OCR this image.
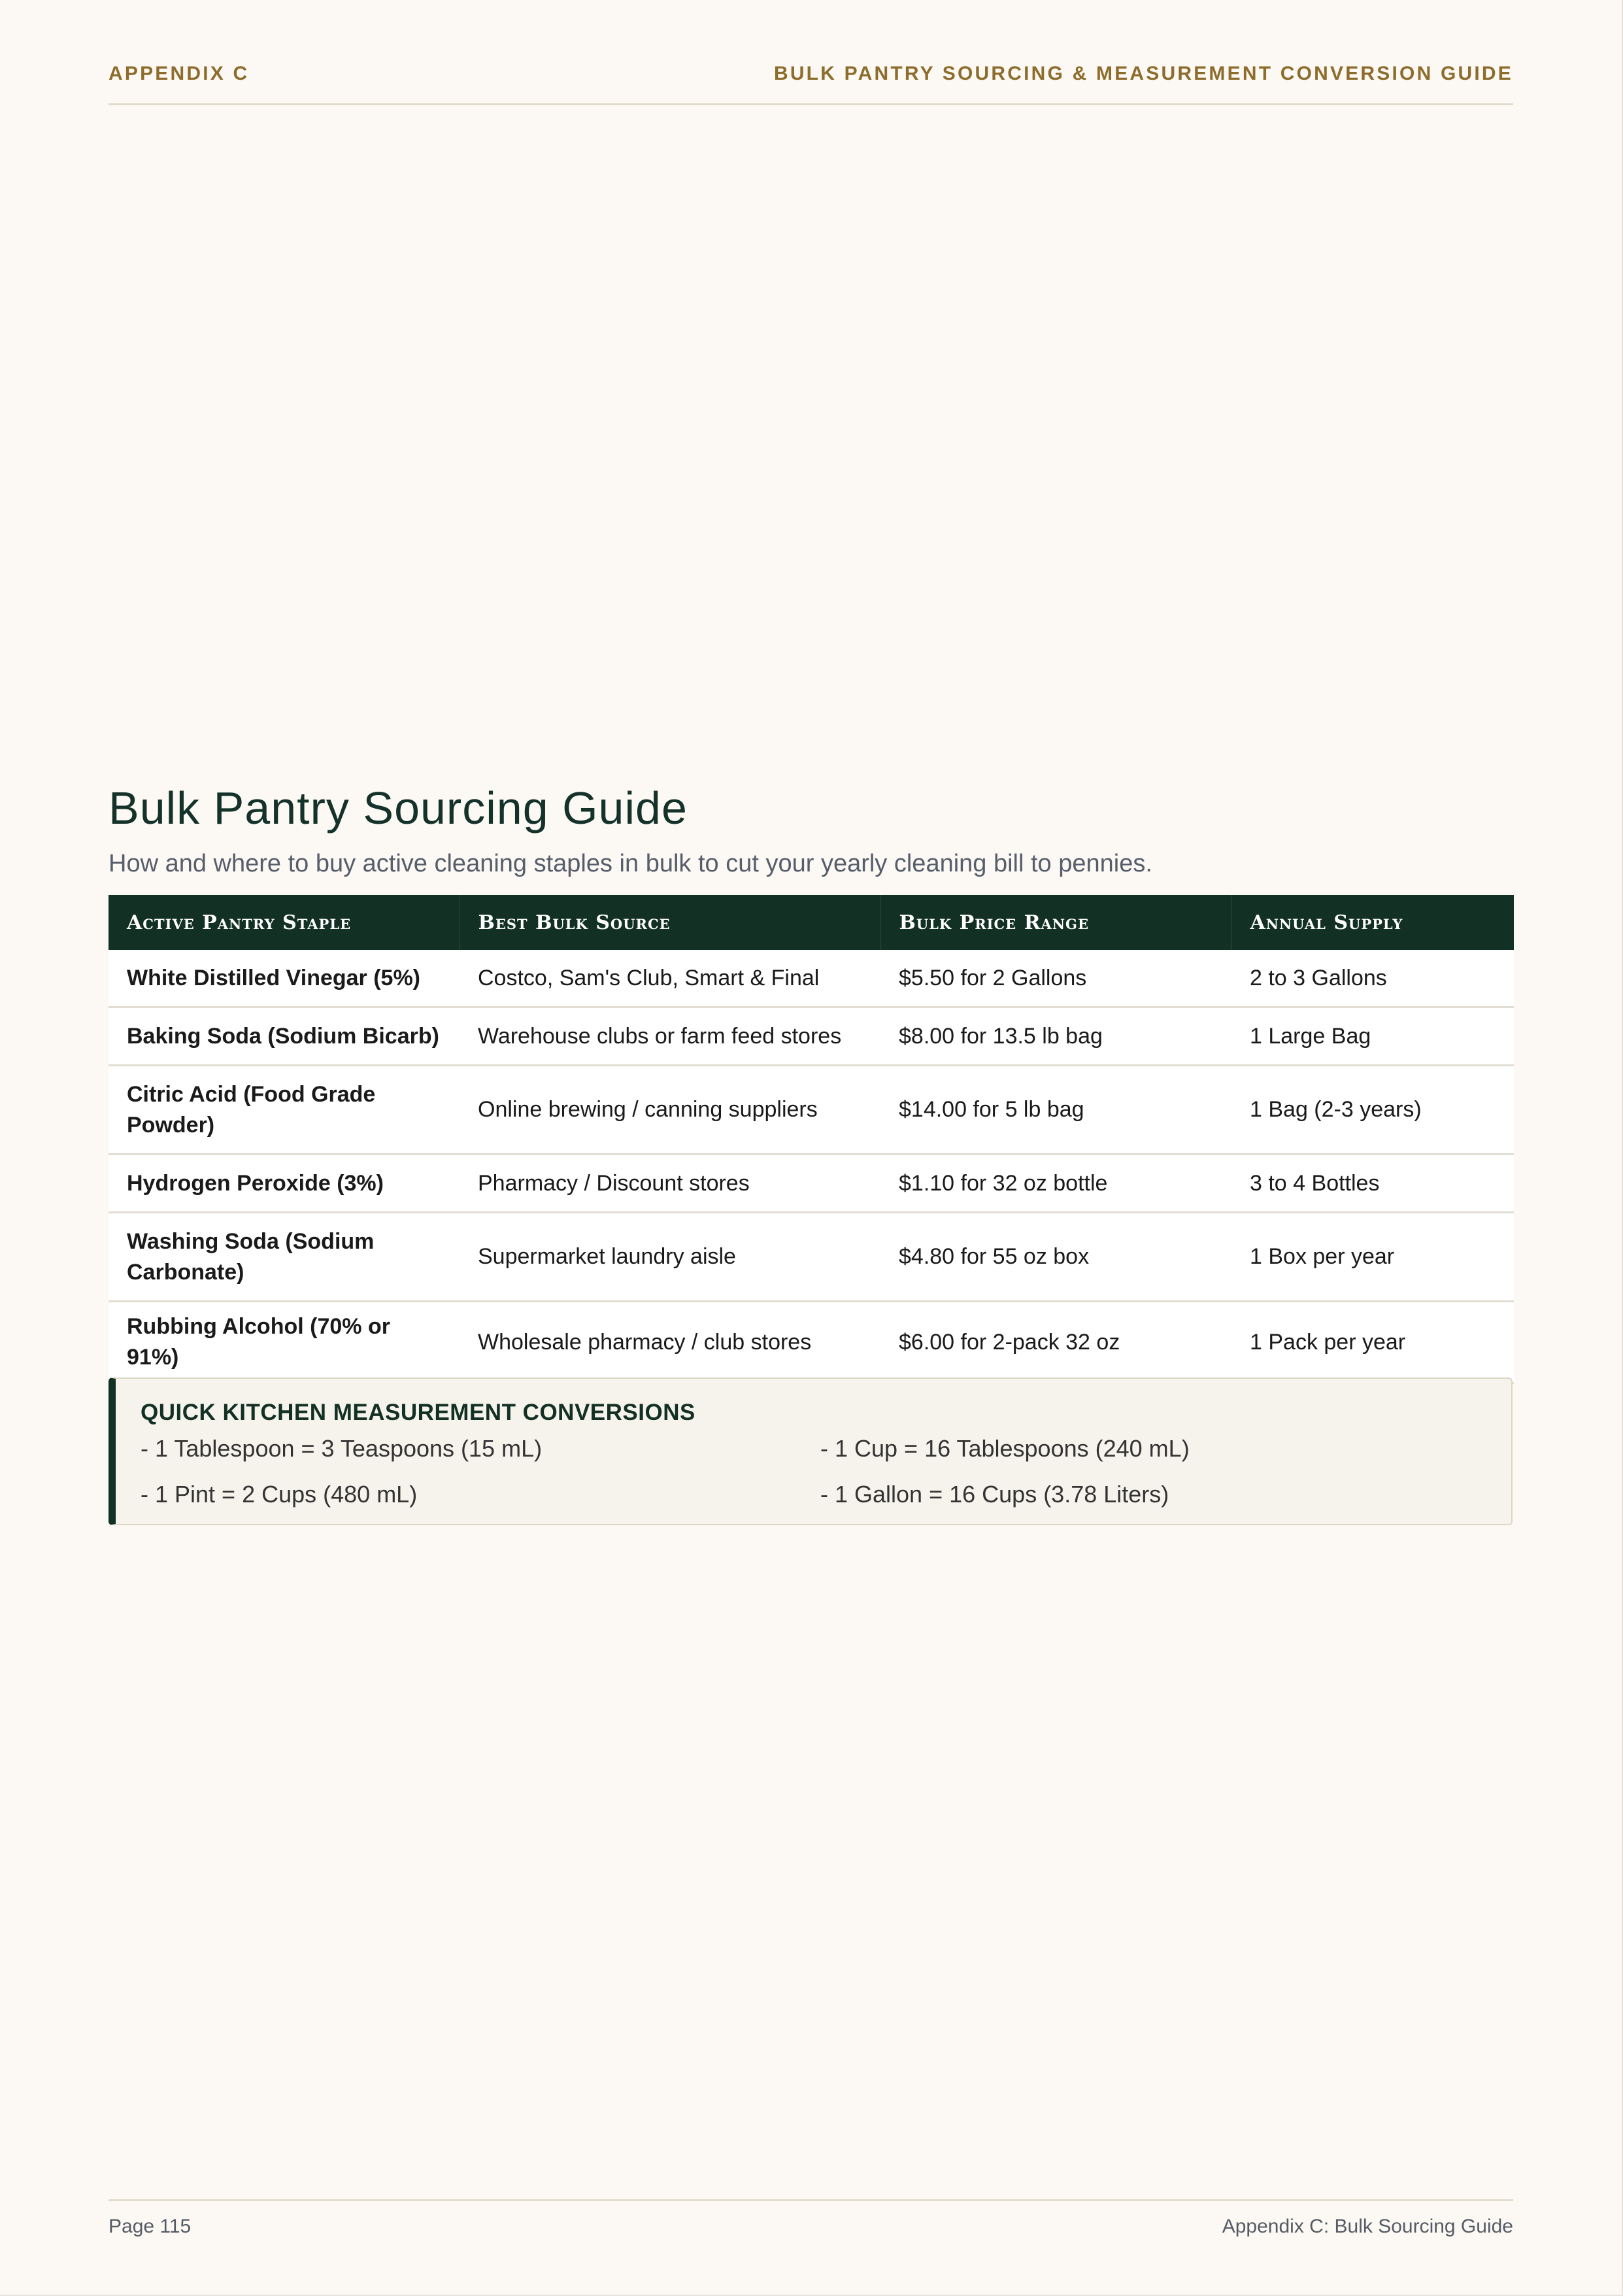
APPENDIX C	BULK PANTRY SOURCING & MEASUREMENT CONVERSION GUIDE
Bulk Pantry Sourcing Guide

How and where to buy active cleaning staples in bulk to cut your yearly cleaning bill to pennies.

Active Pantry Staple	Best Bulk Source	Bulk Price Range	Annual Supply
White Distilled Vinegar (5%)	Costco, Sam's Club, Smart & Final	$5.50 for 2 Gallons	2 to 3 Gallons
Baking Soda (Sodium Bicarb)	Warehouse clubs or farm feed stores	$8.00 for 13.5 lb bag	1 Large Bag
Citric Acid (Food Grade Powder)	Online brewing / canning suppliers	$14.00 for 5 lb bag	1 Bag (2-3 years)
Hydrogen Peroxide (3%)	Pharmacy / Discount stores	$1.10 for 32 oz bottle	3 to 4 Bottles
Washing Soda (Sodium Carbonate)	Supermarket laundry aisle	$4.80 for 55 oz box	1 Box per year
Rubbing Alcohol (70% or 91%)	Wholesale pharmacy / club stores	$6.00 for 2-pack 32 oz	1 Pack per year
QUICK KITCHEN MEASUREMENT CONVERSIONS
- 1 Tablespoon = 3 Teaspoons (15 mL)	- 1 Cup = 16 Tablespoons (240 mL)
- 1 Pint = 2 Cups (480 mL)	- 1 Gallon = 16 Cups (3.78 Liters)
Page 115	Appendix C: Bulk Sourcing Guide
